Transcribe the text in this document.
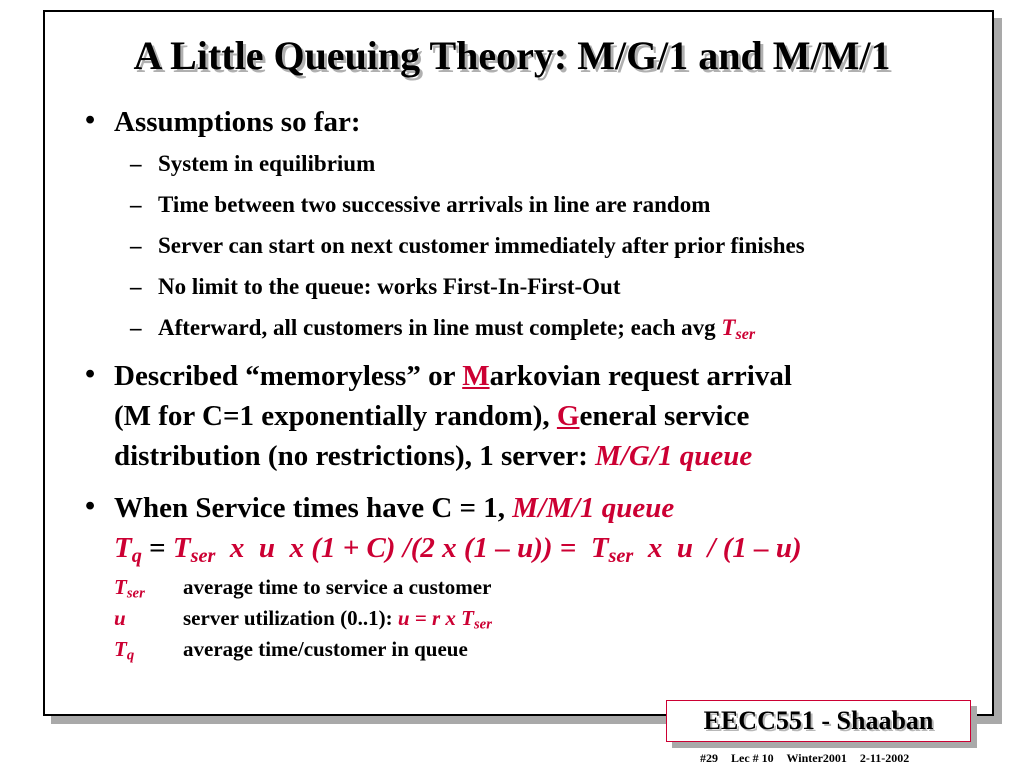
A Little Queuing Theory: M/G/1 and M/M/1
• Assumptions so far:
– System in equilibrium
– Time between two successive arrivals in line are random
– Server can start on next customer immediately after prior finishes
– No limit to the queue: works First-In-First-Out
– Afterward, all customers in line must complete; each avg $T_{ser}$
• Described “memoryless” or Markovian request arrival
(M for C=1 exponentially random), General service
distribution (no restrictions), 1 server: M/G/1 queue
• When Service times have C = 1, M/M/1 queue
$T_q = T_{ser}$  x  u  x (1 + C) /(2 x $(1 - u)) = T_{ser}$  x  u  / (1 – u)
$T_{ser}$ average time to service a customer
u	server utilization (0..1): u = r x $T_{ser}$
$T_q$ average time/customer in queue
EECC551 - Shaaban
#29 Lec # 10 Winter2001 2-11-2002
